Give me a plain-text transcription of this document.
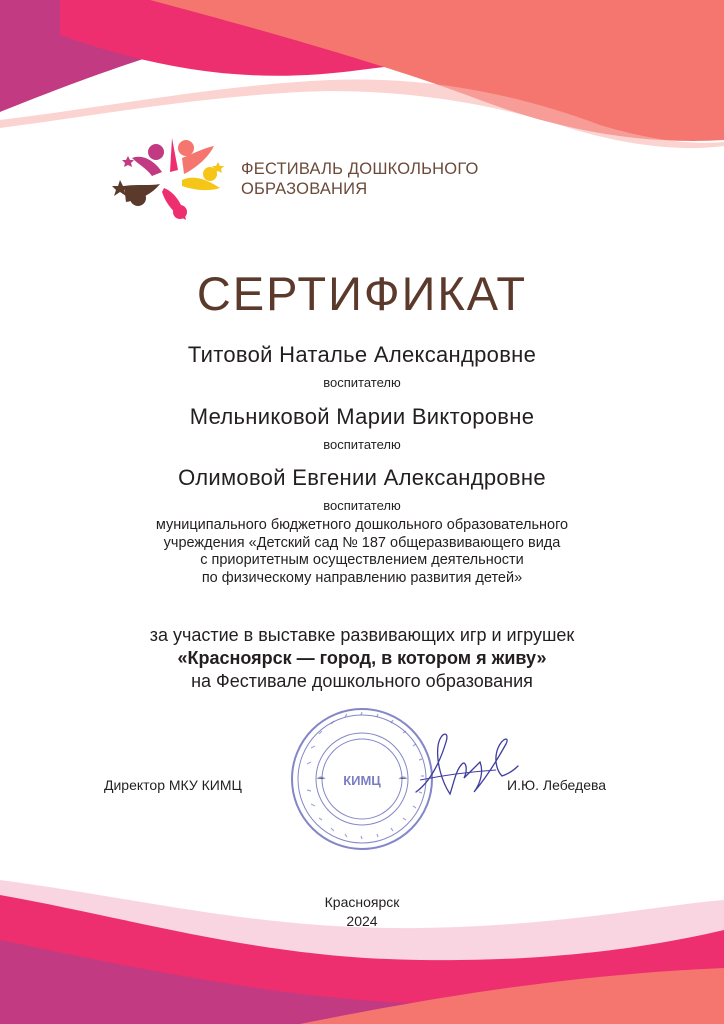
ФЕСТИВАЛЬ ДОШКОЛЬНОГО
ОБРАЗОВАНИЯ
СЕРТИФИКАТ
Титовой Наталье Александровне
воспитателю
Мельниковой Марии Викторовне
воспитателю
Олимовой Евгении Александровне
воспитателю
муниципального бюджетного дошкольного образовательного
учреждения «Детский сад № 187 общеразвивающего вида
с приоритетным осуществлением деятельности
по физическому направлению развития детей»
за участие в выставке развивающих игр и игрушек
«Красноярск — город, в котором я живу»
на Фестивале дошкольного образования
КИМЦ
Директор МКУ КИМЦ	И.Ю. Лебедева
Красноярск
2024
